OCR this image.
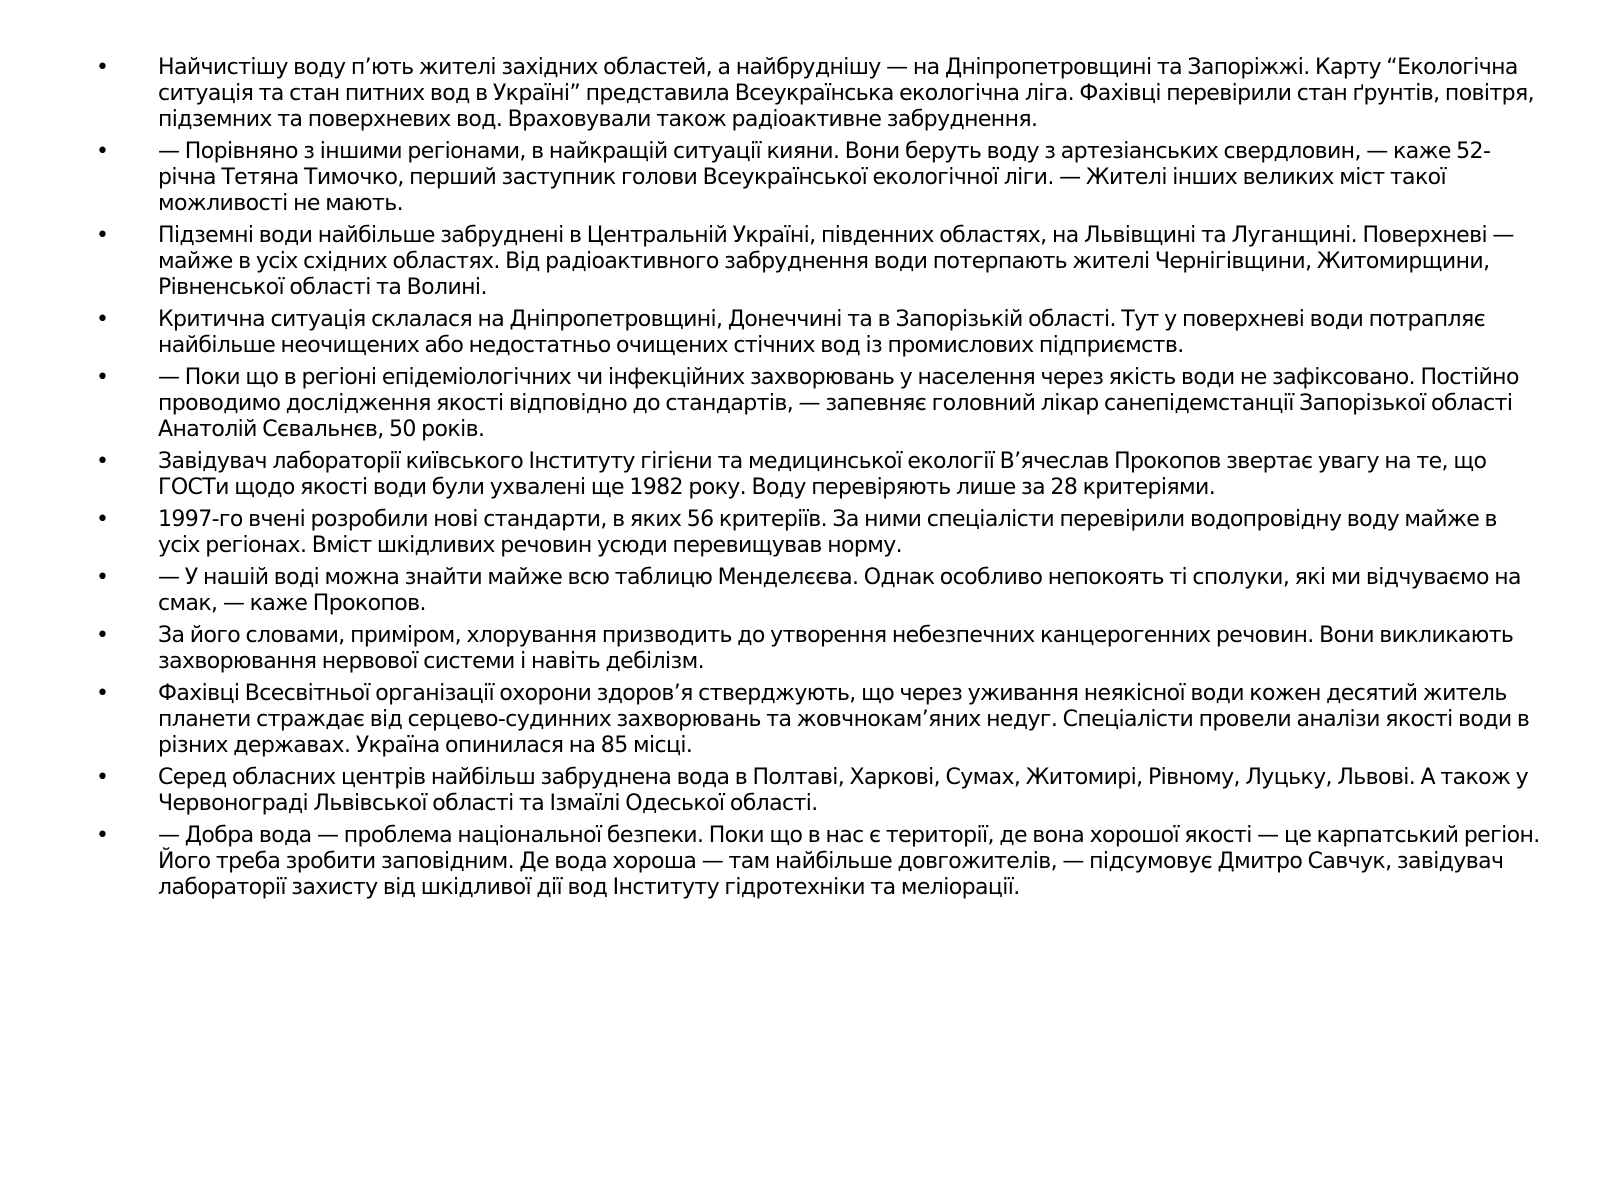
•	Найчистішу воду п’ють жителі західних областей, а найбруднішу — на Дніпропетровщині та Запоріжжі. Карту “Екологічна ситуація та стан питних вод в Україні” представила Всеукраїнська екологічна ліга. Фахівці перевірили стан ґрунтів, повітря, підземних та поверхневих вод. Враховували також радіоактивне забруднення.
•	— Порівняно з іншими регіонами, в найкращій ситуації кияни. Вони беруть воду з артезіанських свердловин, — каже 52-річна Тетяна Тимочко, перший заступник голови Всеукраїнської екологічної ліги. — Жителі інших великих міст такої можливості не мають.
•	Підземні води найбільше забруднені в Центральній Україні, південних областях, на Львівщині та Луганщині. Поверхневі — майже в усіх східних областях. Від радіоактивного забруднення води потерпають жителі Чернігівщини, Житомирщини, Рівненської області та Волині.
•	Критична ситуація склалася на Дніпропетровщині, Донеччині та в Запорізькій області. Тут у поверхневі води потрапляє найбільше неочищених або недостатньо очищених стічних вод із промислових підприємств.
•	— Поки що в регіоні епідеміологічних чи інфекційних захворювань у населення через якість води не зафіксовано. Постійно проводимо дослідження якості відповідно до стандартів, — запевняє головний лікар санепідемстанції Запорізької області Анатолій Сєвальнєв, 50 років.
•	Завідувач лабораторії київського Інституту гігієни та медицинської екології В’ячеслав Прокопов звертає увагу на те, що ГОСТи щодо якості води були ухвалені ще 1982 року. Воду перевіряють лише за 28 критеріями.
•	1997-го вчені розробили нові стандарти, в яких 56 критеріїв. За ними спеціалісти перевірили водопровідну воду майже в усіх регіонах. Вміст шкідливих речовин усюди перевищував норму.
•	— У нашій воді можна знайти майже всю таблицю Менделєєва. Однак особливо непокоять ті сполуки, які ми відчуваємо на смак, — каже Прокопов.
•	За його словами, приміром, хлорування призводить до утворення небезпечних канцерогенних речовин. Вони викликають захворювання нервової системи і навіть дебілізм.
•	Фахівці Всесвітньої організації охорони здоров’я стверджують, що через уживання неякісної води кожен десятий житель планети страждає від серцево-судинних захворювань та жовчнокам’яних недуг. Спеціалісти провели аналізи якості води в різних державах. Україна опинилася на 85 місці.
•	Серед обласних центрів найбільш забруднена вода в Полтаві, Харкові, Сумах, Житомирі, Рівному, Луцьку, Львові. А також у Червонограді Львівської області та Ізмаїлі Одеської області.
•	— Добра вода — проблема національної безпеки. Поки що в нас є території, де вона хорошої якості — це карпатський регіон. Його треба зробити заповідним. Де вода хороша — там найбільше довгожителів, — підсумовує Дмитро Савчук, завідувач лабораторії захисту від шкідливої дії вод Інституту гідротехніки та меліорації.
